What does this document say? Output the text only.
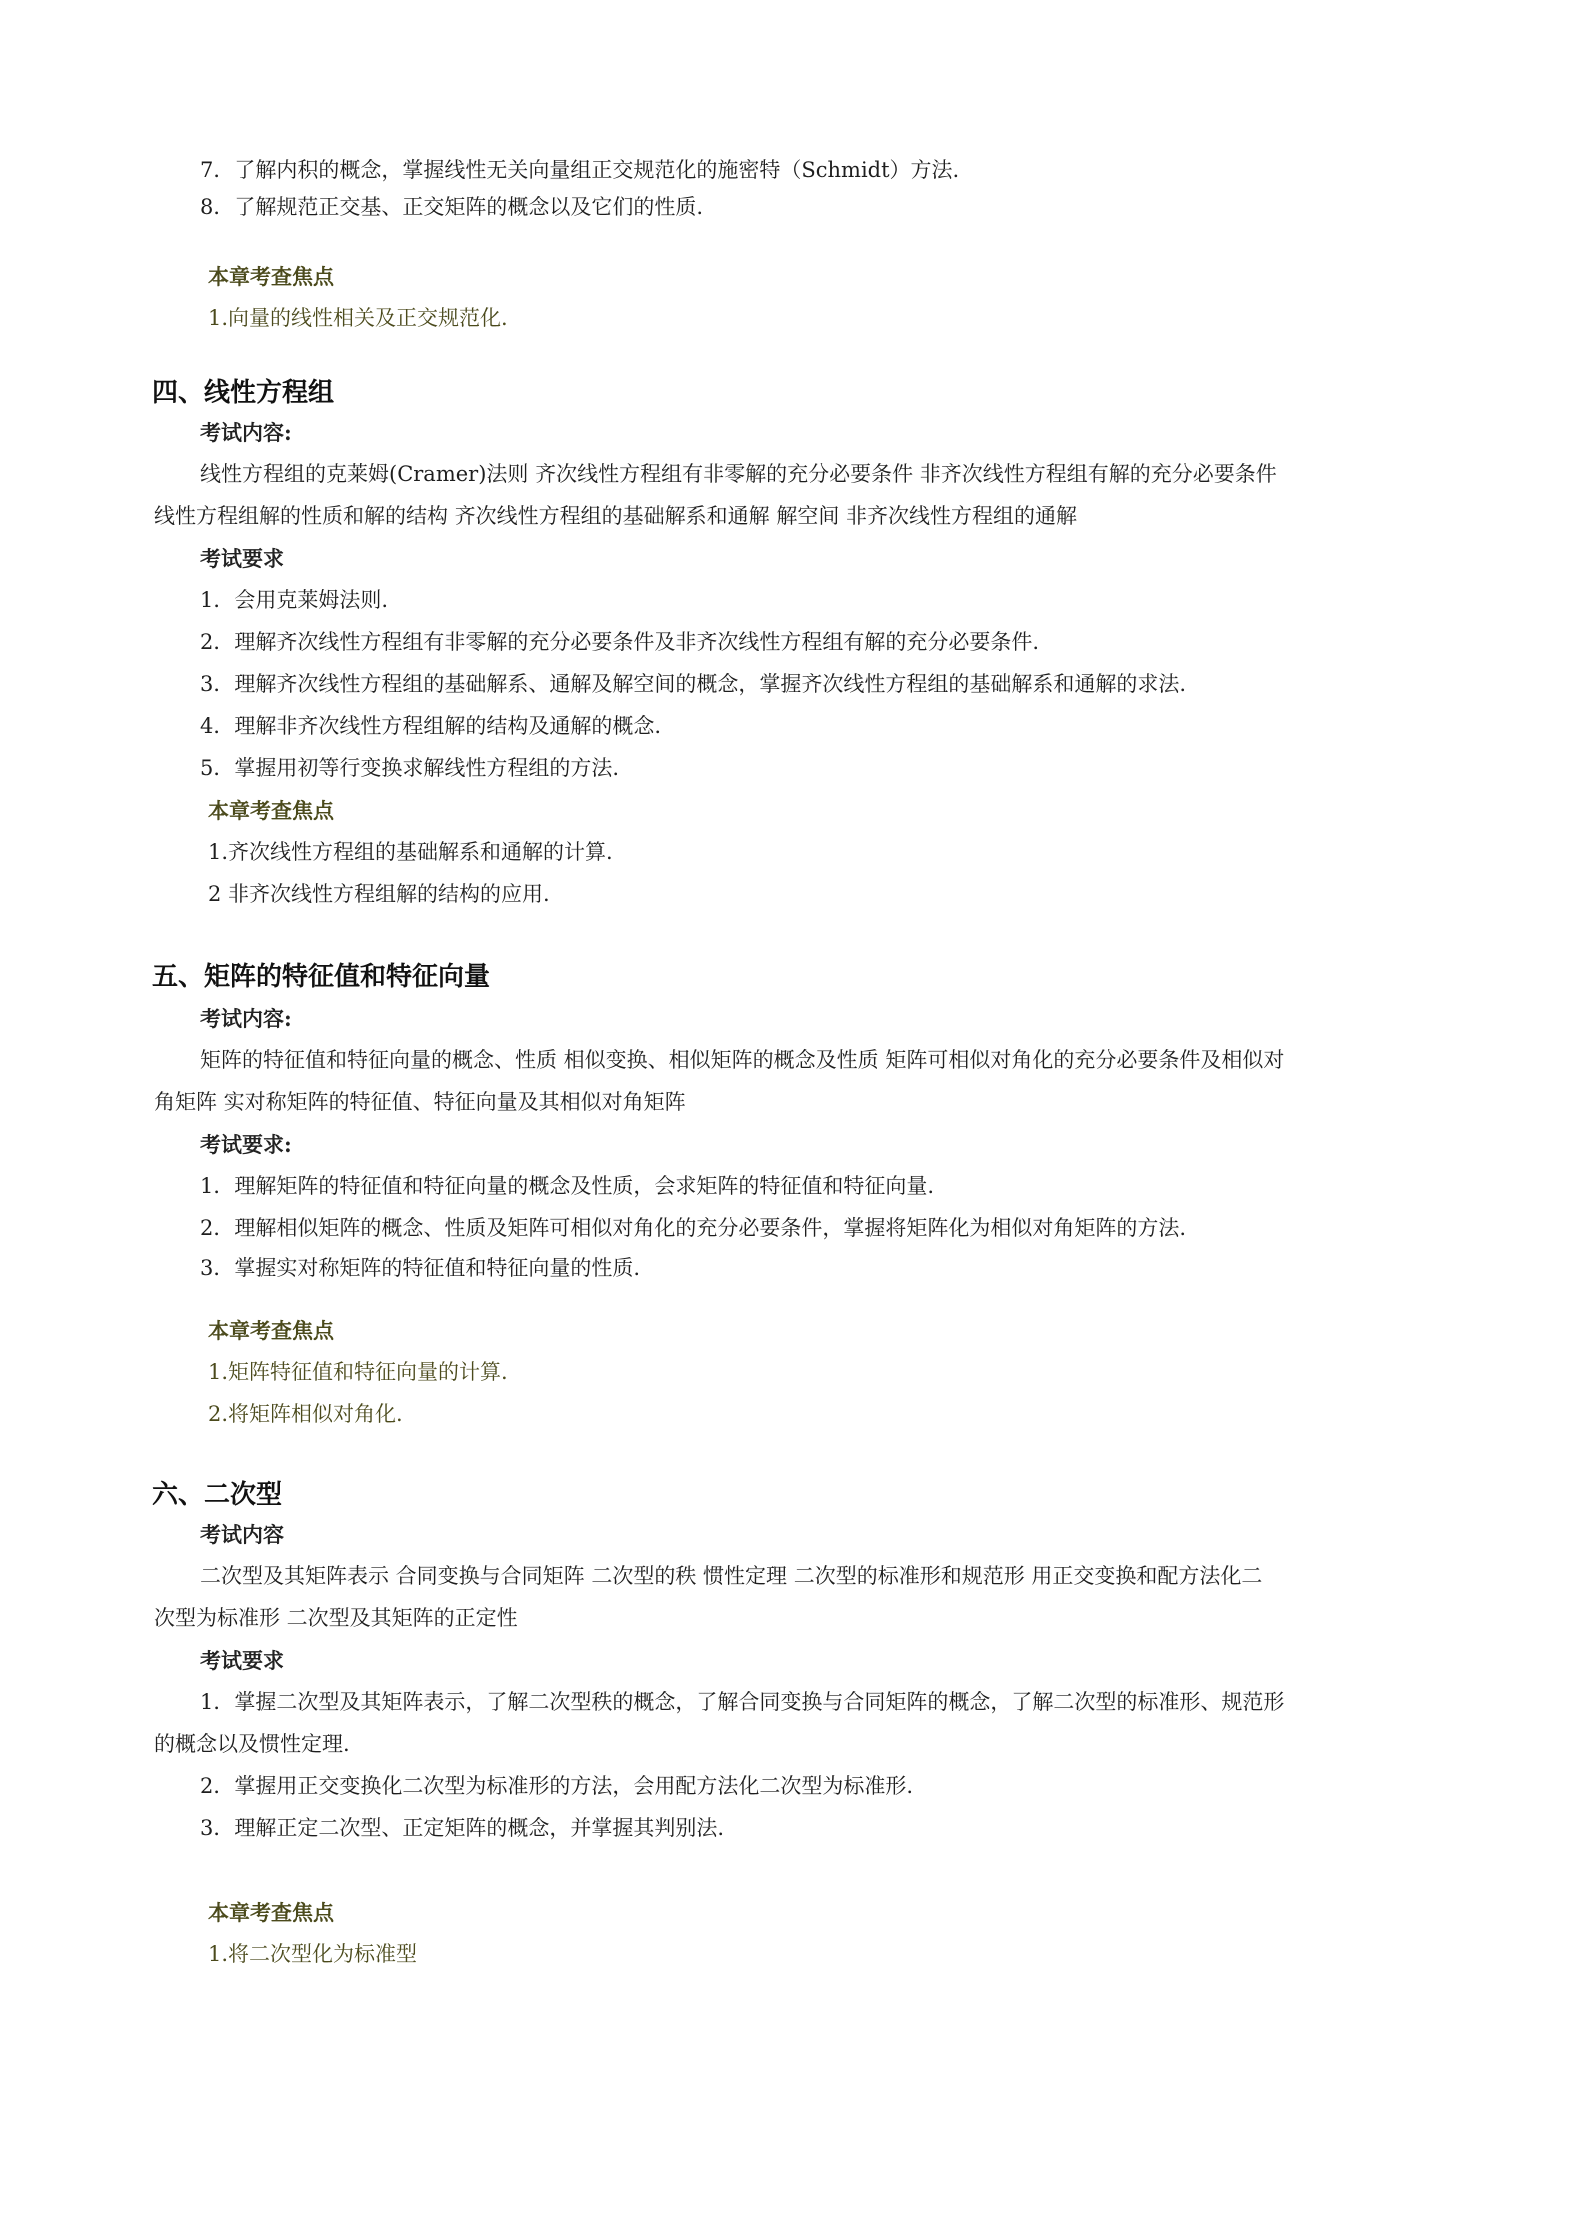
7．了解内积的概念，掌握线性无关向量组正交规范化的施密特（Schmidt）方法.

8．了解规范正交基、正交矩阵的概念以及它们的性质.

本章考查焦点

1.向量的线性相关及正交规范化.

四、线性方程组

考试内容:

线性方程组的克莱姆(Cramer)法则 齐次线性方程组有非零解的充分必要条件 非齐次线性方程组有解的充分必要条件

线性方程组解的性质和解的结构 齐次线性方程组的基础解系和通解 解空间 非齐次线性方程组的通解

考试要求

1．会用克莱姆法则.

2．理解齐次线性方程组有非零解的充分必要条件及非齐次线性方程组有解的充分必要条件.

3．理解齐次线性方程组的基础解系、通解及解空间的概念，掌握齐次线性方程组的基础解系和通解的求法.

4．理解非齐次线性方程组解的结构及通解的概念.

5．掌握用初等行变换求解线性方程组的方法.

本章考查焦点

1.齐次线性方程组的基础解系和通解的计算.

2 非齐次线性方程组解的结构的应用.

五、矩阵的特征值和特征向量

考试内容:

矩阵的特征值和特征向量的概念、性质 相似变换、相似矩阵的概念及性质 矩阵可相似对角化的充分必要条件及相似对

角矩阵 实对称矩阵的特征值、特征向量及其相似对角矩阵

考试要求:

1．理解矩阵的特征值和特征向量的概念及性质，会求矩阵的特征值和特征向量.

2．理解相似矩阵的概念、性质及矩阵可相似对角化的充分必要条件，掌握将矩阵化为相似对角矩阵的方法.

3．掌握实对称矩阵的特征值和特征向量的性质.

本章考查焦点

1.矩阵特征值和特征向量的计算.

2.将矩阵相似对角化.

六、二次型

考试内容

二次型及其矩阵表示 合同变换与合同矩阵 二次型的秩 惯性定理 二次型的标准形和规范形 用正交变换和配方法化二

次型为标准形 二次型及其矩阵的正定性

考试要求

1．掌握二次型及其矩阵表示，了解二次型秩的概念，了解合同变换与合同矩阵的概念，了解二次型的标准形、规范形

的概念以及惯性定理.

2．掌握用正交变换化二次型为标准形的方法，会用配方法化二次型为标准形.

3．理解正定二次型、正定矩阵的概念，并掌握其判别法.

本章考查焦点

1.将二次型化为标准型
